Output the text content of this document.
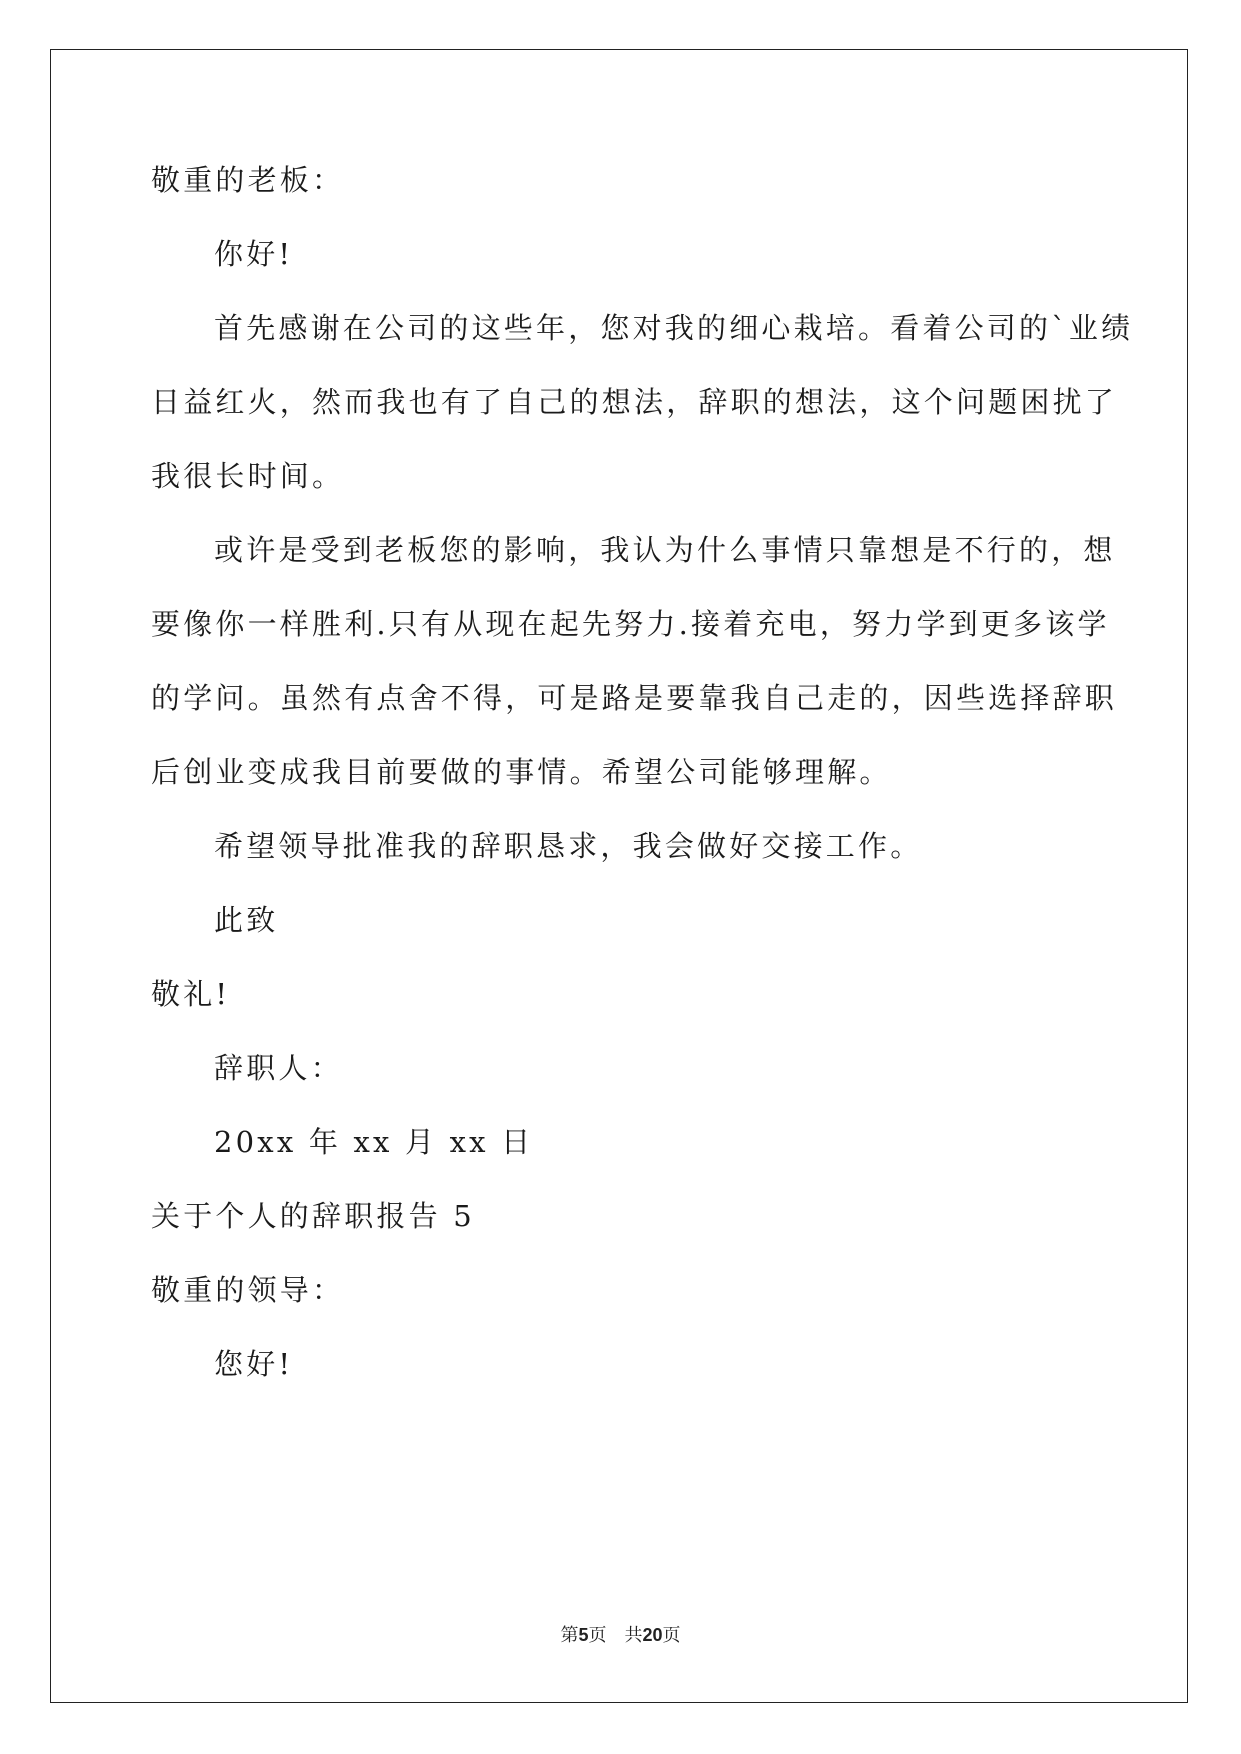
敬重的老板：

你好!

首先感谢在公司的这些年，您对我的细心栽培。看着公司的`业绩

日益红火，然而我也有了自己的想法，辞职的想法，这个问题困扰了

我很长时间。

或许是受到老板您的影响，我认为什么事情只靠想是不行的，想

要像你一样胜利.只有从现在起先努力.接着充电，努力学到更多该学

的学问。虽然有点舍不得，可是路是要靠我自己走的，因些选择辞职

后创业变成我目前要做的事情。希望公司能够理解。

希望领导批准我的辞职恳求，我会做好交接工作。

此致

敬礼!

辞职人：

20xx 年 xx 月 xx 日

关于个人的辞职报告 5

敬重的领导：

您好!

第5页 共20页
